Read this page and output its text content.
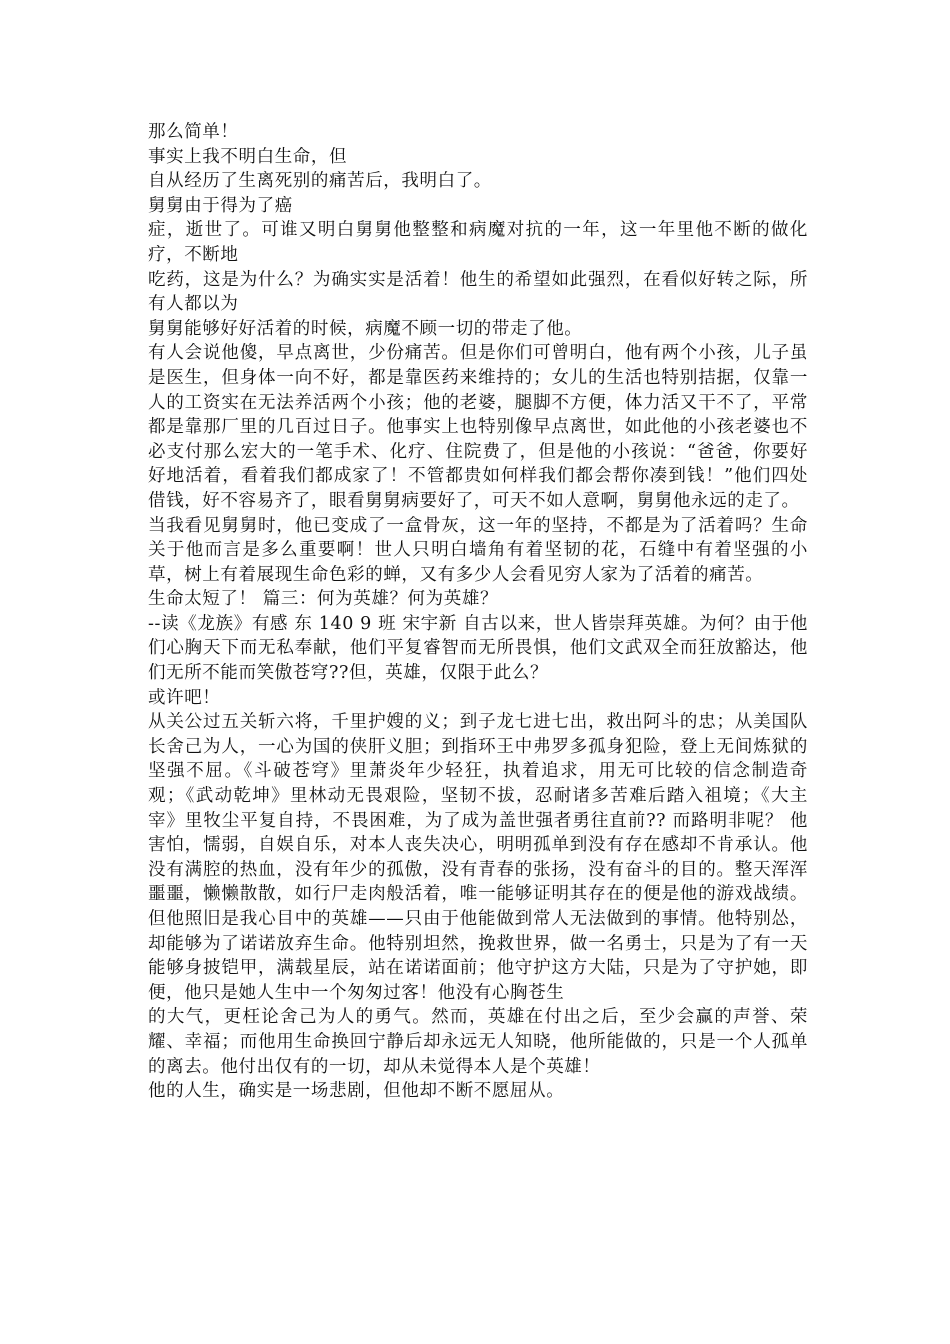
那么简单！
事实上我不明白生命，但
自从经历了生离死别的痛苦后，我明白了。
舅舅由于得为了癌
症，逝世了。可谁又明白舅舅他整整和病魔对抗的一年，这一年里他不断的做化疗，不断地
吃药，这是为什么？为确实实是活着！他生的希望如此强烈，在看似好转之际，所有人都以为
舅舅能够好好活着的时候，病魔不顾一切的带走了他。
有人会说他傻，早点离世，少份痛苦。但是你们可曾明白，他有两个小孩，儿子虽是医生，但身体一向不好，都是靠医药来维持的；女儿的生活也特别拮据，仅靠一人的工资实在无法养活两个小孩；他的老婆，腿脚不方便，体力活又干不了，平常都是靠那厂里的几百过日子。他事实上也特别像早点离世，如此他的小孩老婆也不必支付那么宏大的一笔手术、化疗、住院费了，但是他的小孩说：“爸爸，你要好好地活着，看着我们都成家了！不管都贵如何样我们都会帮你凑到钱！”他们四处借钱，好不容易齐了，眼看舅舅病要好了，可天不如人意啊，舅舅他永远的走了。
当我看见舅舅时，他已变成了一盒骨灰，这一年的坚持，不都是为了活着吗？生命关于他而言是多么重要啊！世人只明白墙角有着坚韧的花，石缝中有着坚强的小草，树上有着展现生命色彩的蝉，又有多少人会看见穷人家为了活着的痛苦。
生命太短了！ 篇三：何为英雄？何为英雄？
--读《龙族》有感 东 140 9 班 宋宇新 自古以来，世人皆崇拜英雄。为何？由于他们心胸天下而无私奉献，他们平复睿智而无所畏惧，他们文武双全而狂放豁达，他们无所不能而笑傲苍穹??但，英雄，仅限于此么？
或许吧！
从关公过五关斩六将，千里护嫂的义；到子龙七进七出，救出阿斗的忠；从美国队长舍己为人，一心为国的侠肝义胆；到指环王中弗罗多孤身犯险，登上无间炼狱的坚强不屈。《斗破苍穹》里萧炎年少轻狂，执着追求，用无可比较的信念制造奇观；《武动乾坤》里林动无畏艰险，坚韧不拔，忍耐诸多苦难后踏入祖境；《大主宰》里牧尘平复自持，不畏困难，为了成为盖世强者勇往直前?? 而路明非呢？ 他害怕，懦弱，自娱自乐，对本人丧失决心，明明孤单到没有存在感却不肯承认。他没有满腔的热血，没有年少的孤傲，没有青春的张扬，没有奋斗的目的。整天浑浑噩噩，懒懒散散，如行尸走肉般活着，唯一能够证明其存在的便是他的游戏战绩。但他照旧是我心目中的英雄——只由于他能做到常人无法做到的事情。他特别怂，却能够为了诺诺放弃生命。他特别坦然，挽救世界，做一名勇士，只是为了有一天能够身披铠甲，满载星辰，站在诺诺面前；他守护这方大陆，只是为了守护她，即便，他只是她人生中一个匆匆过客！他没有心胸苍生
的大气，更枉论舍己为人的勇气。然而，英雄在付出之后，至少会赢的声誉、荣耀、幸福；而他用生命换回宁静后却永远无人知晓，他所能做的，只是一个人孤单的离去。他付出仅有的一切，却从未觉得本人是个英雄！
他的人生，确实是一场悲剧，但他却不断不愿屈从。
